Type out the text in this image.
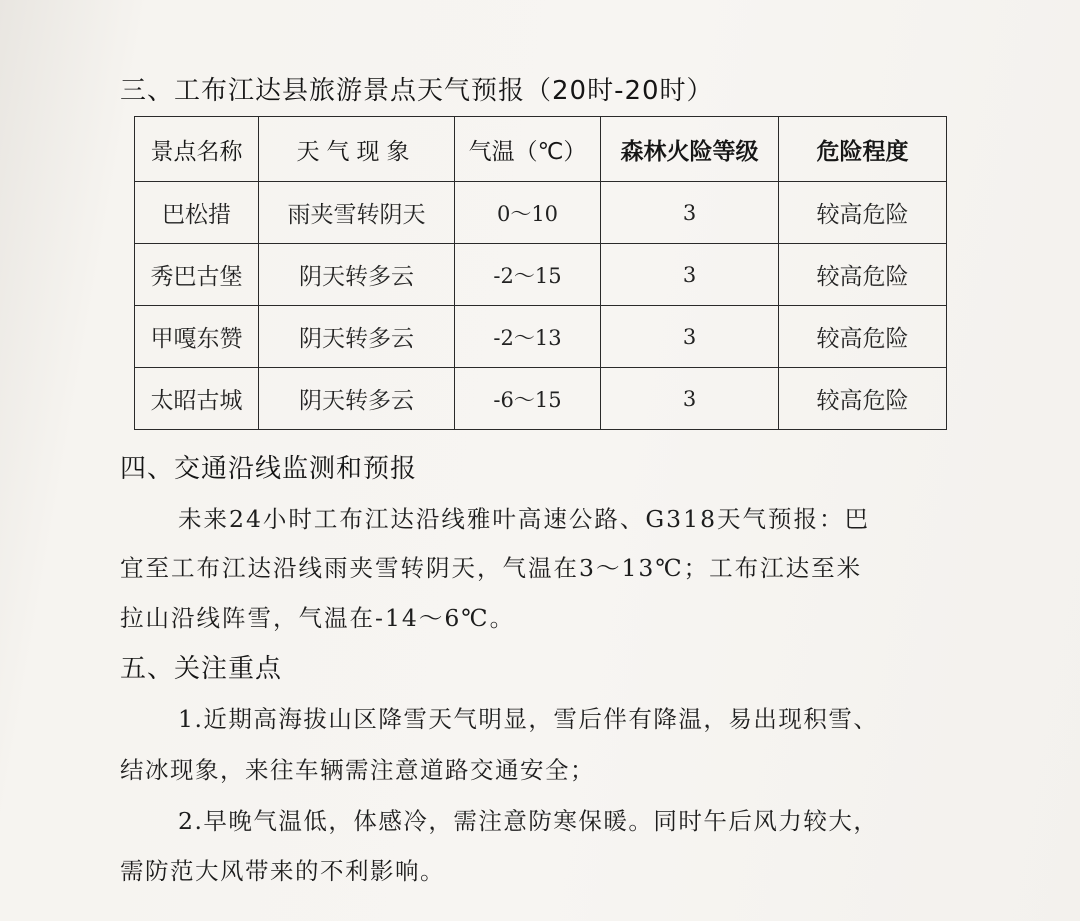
三、工布江达县旅游景点天气预报（20时-20时）
景点名称	天气现象	气温（℃）	森林火险等级	危险程度
巴松措	雨夹雪转阴天	0～10	3	较高危险
秀巴古堡	阴天转多云	-2～15	3	较高危险
甲嘎东赞	阴天转多云	-2～13	3	较高危险
太昭古城	阴天转多云	-6～15	3	较高危险
四、交通沿线监测和预报
未来24小时工布江达沿线雅叶高速公路、G318天气预报：巴
宜至工布江达沿线雨夹雪转阴天，气温在3～13℃；工布江达至米
拉山沿线阵雪，气温在-14～6℃。
五、关注重点
1.近期高海拔山区降雪天气明显，雪后伴有降温，易出现积雪、
结冰现象，来往车辆需注意道路交通安全；
2.早晚气温低，体感冷，需注意防寒保暖。同时午后风力较大，
需防范大风带来的不利影响。
